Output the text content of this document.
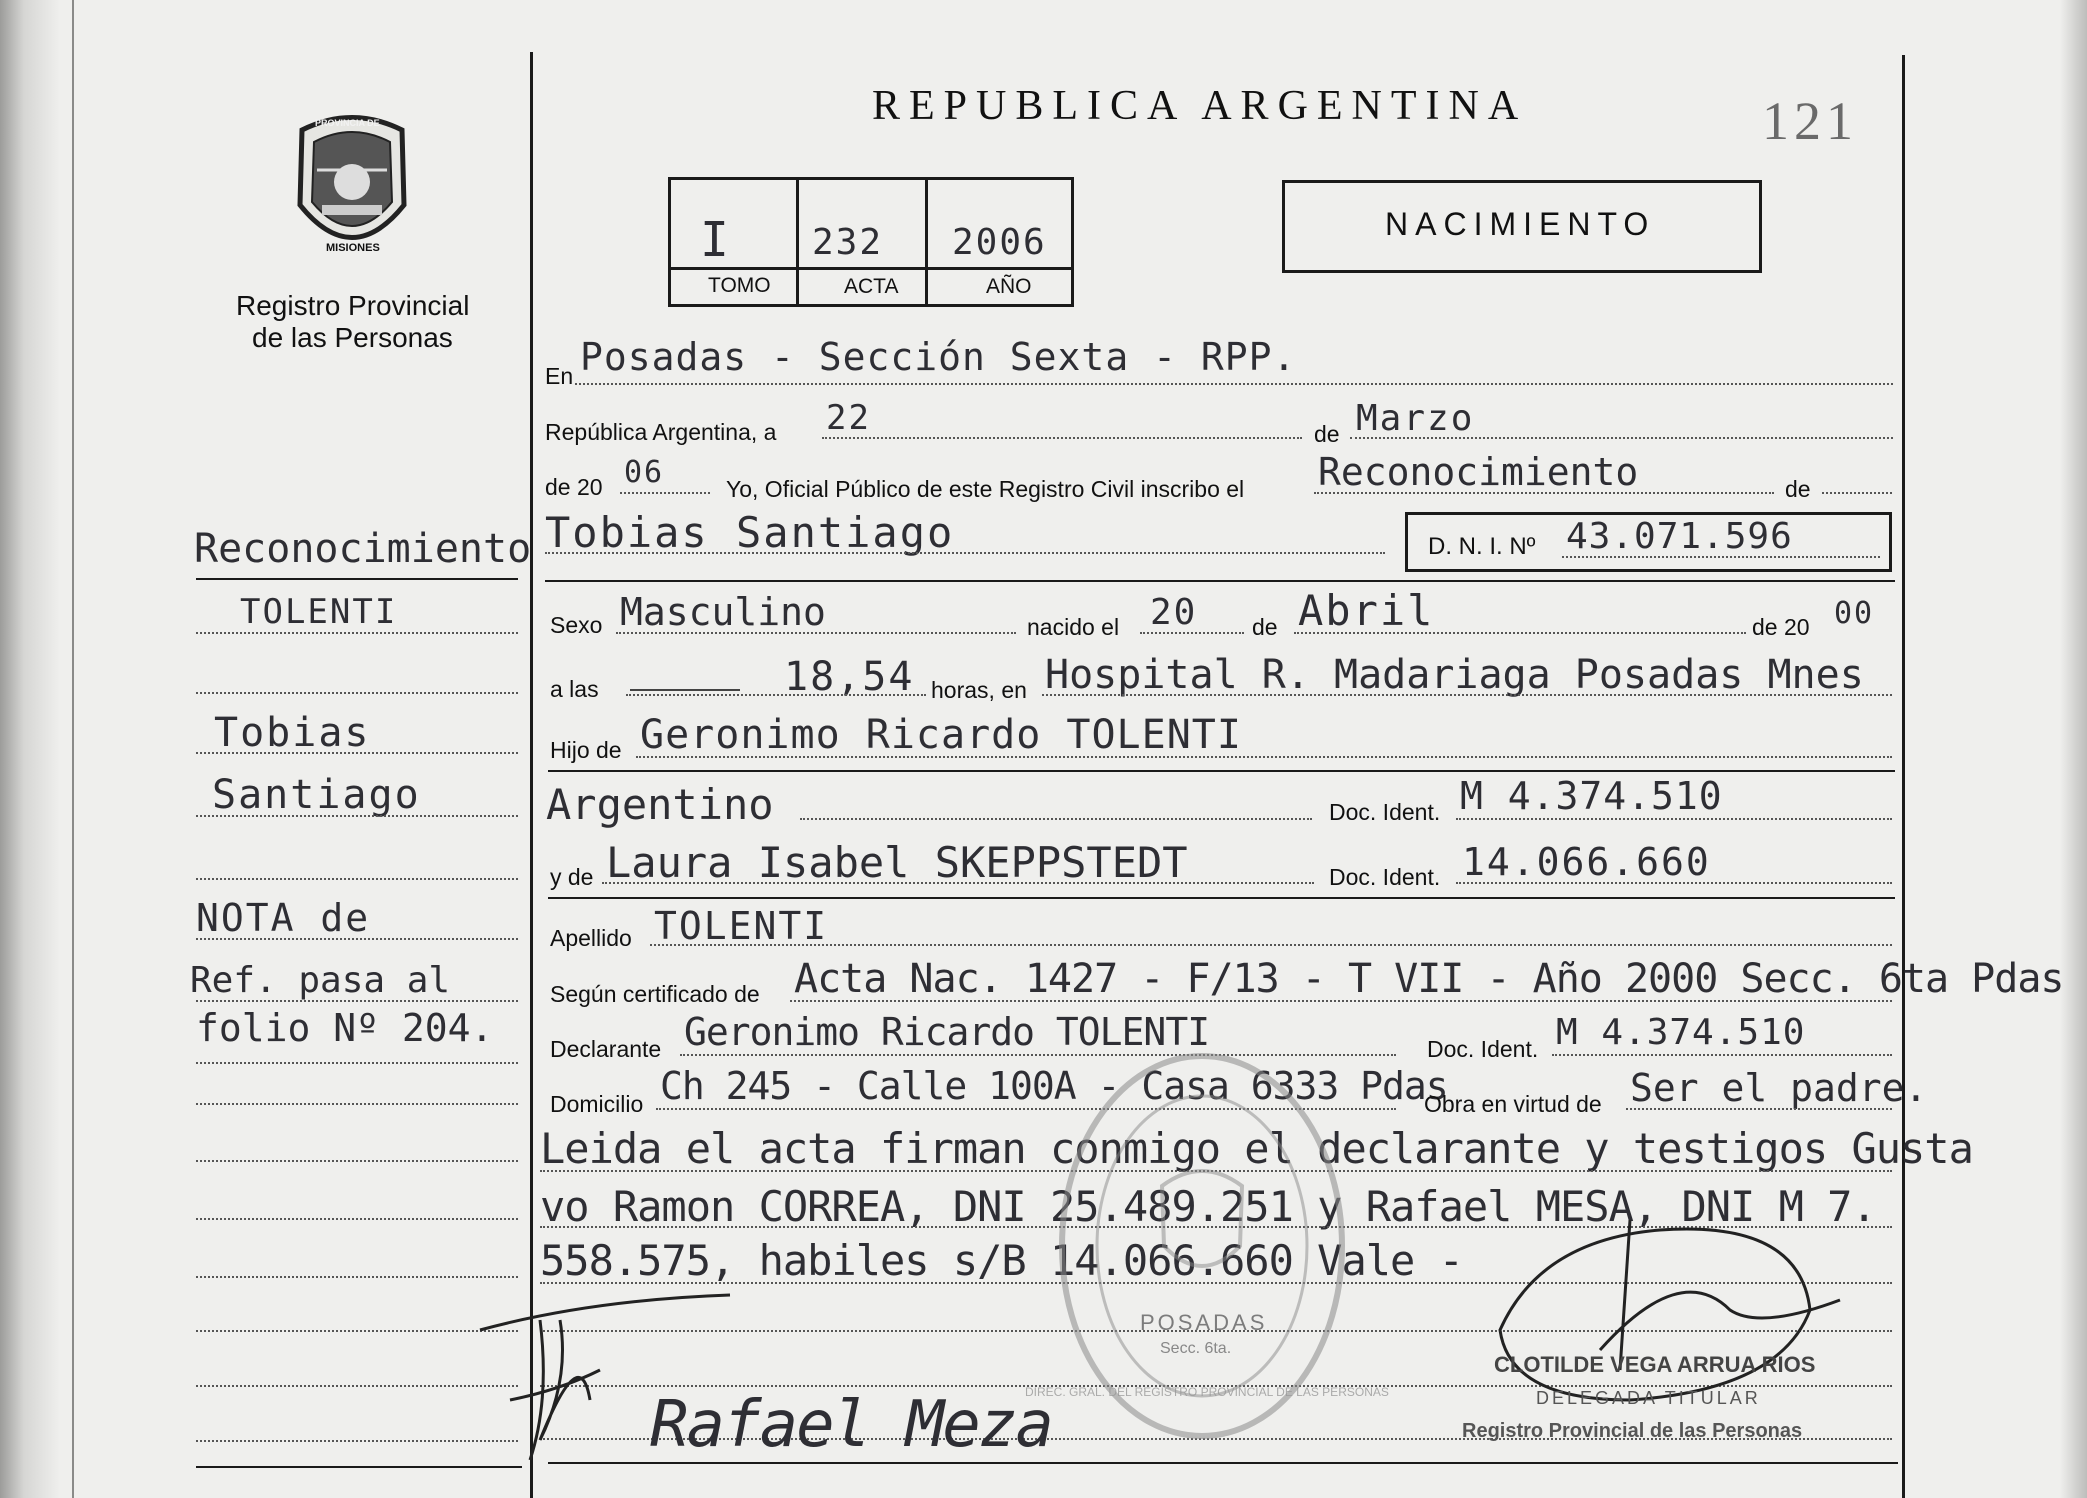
PROVINCIA DE
MISIONES
Registro Provincial
de las Personas
REPUBLICA ARGENTINA	121
I 232 2006
TOMO	ACTA	AÑO
NACIMIENTO
Reconocimiento
TOLENTI
Tobias
Santiago
NOTA de
Ref. pasa al
folio Nº 204.
En Posadas - Sección Sexta - RPP.
República Argentina, a 22	de Marzo
de 20 06	Yo, Oficial Público de este Registro Civil inscribo el Reconocimiento	de
Tobias Santiago	D. N. I. Nº 43.071.596
Sexo Masculino	nacido el 20 de Abril	de 20 00
a las	18,54 horas, en Hospital R. Madariaga Posadas Mnes
Hijo de Geronimo Ricardo TOLENTI
Argentino	Doc. Ident. M 4.374.510
y de Laura Isabel SKEPPSTEDT	Doc. Ident. 14.066.660
Apellido TOLENTI
Según certificado de Acta Nac. 1427 - F/13 - T VII - Año 2000 Secc. 6ta Pdas
Declarante Geronimo Ricardo TOLENTI	Doc. Ident. M 4.374.510
Domicilio Ch 245 - Calle 100A - Casa 6333 Pdas
Obra en virtud de Ser el padre.
Leida el acta firman conmigo el declarante y testigos Gusta
vo Ramon CORREA, DNI 25.489.251 y Rafael MESA, DNI M 7.
558.575, habiles s/B 14.066.660 Vale -
POSADAS
Secc. 6ta.
DIREC. GRAL. DEL REGISTRO PROVINCIAL DE LAS PERSONAS
Rafael Meza
CLOTILDE VEGA ARRUA RIOS
DELEGADA TITULAR
Registro Provincial de las Personas
